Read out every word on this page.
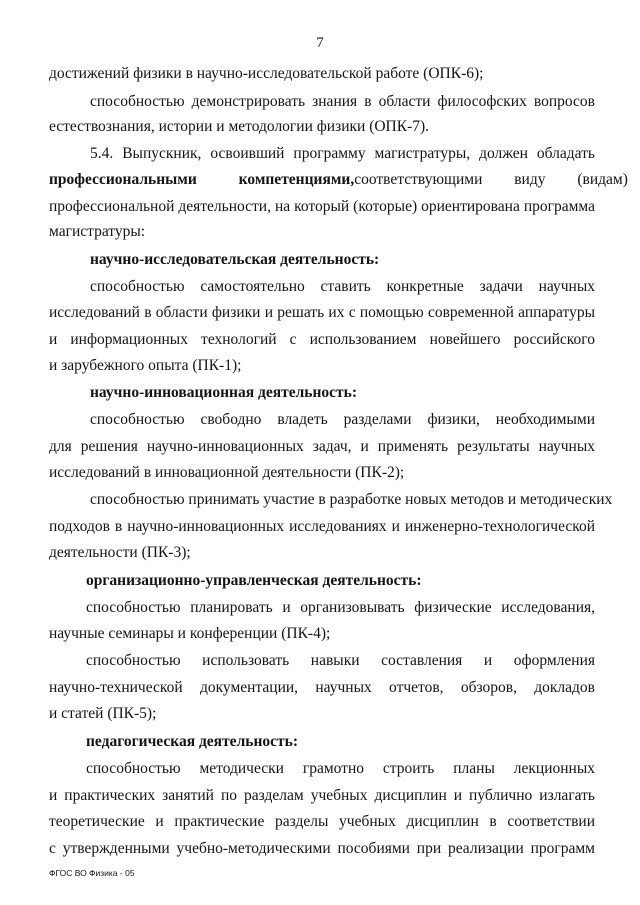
7
достижений физики в научно-исследовательской работе (ОПК-6);
способностью демонстрировать знания в области философских вопросов
естествознания, истории и методологии физики (ОПК-7).
5.4. Выпускник, освоивший программу магистратуры, должен обладать
профессиональными компетенциями, соответствующими виду (видам)
профессиональной деятельности, на который (которые) ориентирована программа
магистратуры:
научно-исследовательская деятельность:
способностью самостоятельно ставить конкретные задачи научных
исследований в области физики и решать их с помощью современной аппаратуры
и информационных технологий с использованием новейшего российского
и зарубежного опыта (ПК-1);
научно-инновационная деятельность:
способностью свободно владеть разделами физики, необходимыми
для решения научно-инновационных задач, и применять результаты научных
исследований в инновационной деятельности (ПК-2);
способностью принимать участие в разработке новых методов и методических
подходов в научно-инновационных исследованиях и инженерно-технологической
деятельности (ПК-3);
организационно-управленческая деятельность:
способностью планировать и организовывать физические исследования,
научные семинары и конференции (ПК-4);
способностью использовать навыки составления и оформления
научно-технической документации, научных отчетов, обзоров, докладов
и статей (ПК-5);
педагогическая деятельность:
способностью методически грамотно строить планы лекционных
и практических занятий по разделам учебных дисциплин и публично излагать
теоретические и практические разделы учебных дисциплин в соответствии
с утвержденными учебно-методическими пособиями при реализации программ
ФГОС ВО Физика - 05
